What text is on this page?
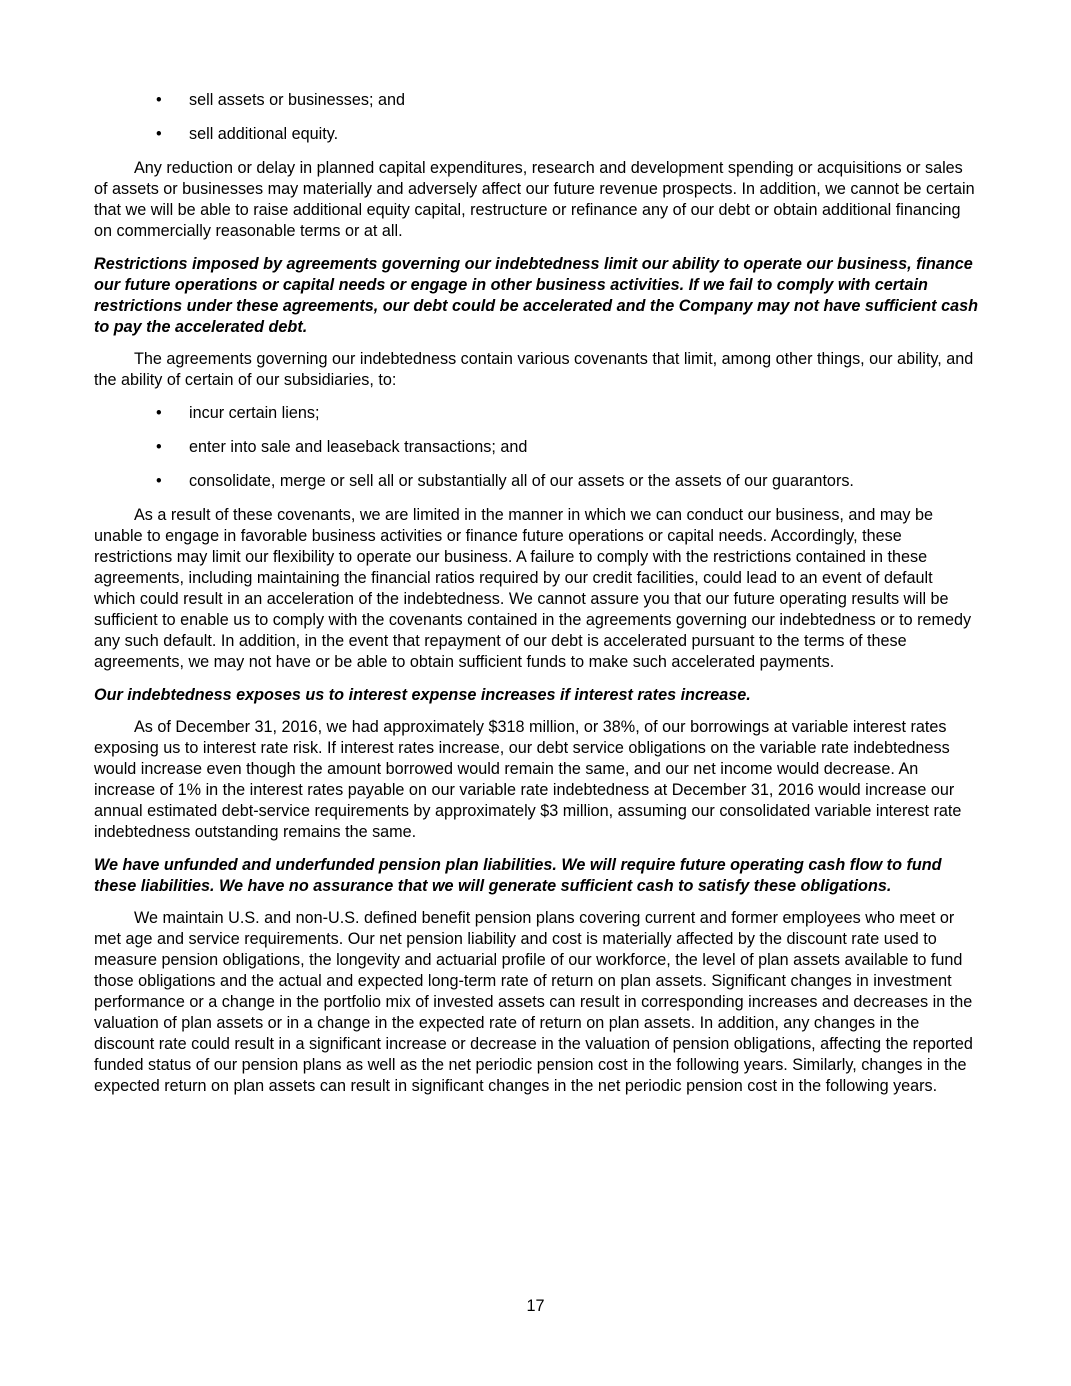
• sell assets or businesses; and
• sell additional equity.

Any reduction or delay in planned capital expenditures, research and development spending or acquisitions or sales of assets or businesses may materially and adversely affect our future revenue prospects. In addition, we cannot be certain that we will be able to raise additional equity capital, restructure or refinance any of our debt or obtain additional financing on commercially reasonable terms or at all.

Restrictions imposed by agreements governing our indebtedness limit our ability to operate our business, finance our future operations or capital needs or engage in other business activities. If we fail to comply with certain restrictions under these agreements, our debt could be accelerated and the Company may not have sufficient cash to pay the accelerated debt.

The agreements governing our indebtedness contain various covenants that limit, among other things, our ability, and the ability of certain of our subsidiaries, to:

• incur certain liens;
• enter into sale and leaseback transactions; and
• consolidate, merge or sell all or substantially all of our assets or the assets of our guarantors.

As a result of these covenants, we are limited in the manner in which we can conduct our business, and may be unable to engage in favorable business activities or finance future operations or capital needs. Accordingly, these restrictions may limit our flexibility to operate our business. A failure to comply with the restrictions contained in these agreements, including maintaining the financial ratios required by our credit facilities, could lead to an event of default which could result in an acceleration of the indebtedness. We cannot assure you that our future operating results will be sufficient to enable us to comply with the covenants contained in the agreements governing our indebtedness or to remedy any such default. In addition, in the event that repayment of our debt is accelerated pursuant to the terms of these agreements, we may not have or be able to obtain sufficient funds to make such accelerated payments.

Our indebtedness exposes us to interest expense increases if interest rates increase.

As of December 31, 2016, we had approximately $318 million, or 38%, of our borrowings at variable interest rates exposing us to interest rate risk. If interest rates increase, our debt service obligations on the variable rate indebtedness would increase even though the amount borrowed would remain the same, and our net income would decrease. An increase of 1% in the interest rates payable on our variable rate indebtedness at December 31, 2016 would increase our annual estimated debt-service requirements by approximately $3 million, assuming our consolidated variable interest rate indebtedness outstanding remains the same.

We have unfunded and underfunded pension plan liabilities. We will require future operating cash flow to fund these liabilities. We have no assurance that we will generate sufficient cash to satisfy these obligations.

We maintain U.S. and non-U.S. defined benefit pension plans covering current and former employees who meet or met age and service requirements. Our net pension liability and cost is materially affected by the discount rate used to measure pension obligations, the longevity and actuarial profile of our workforce, the level of plan assets available to fund those obligations and the actual and expected long-term rate of return on plan assets. Significant changes in investment performance or a change in the portfolio mix of invested assets can result in corresponding increases and decreases in the valuation of plan assets or in a change in the expected rate of return on plan assets. In addition, any changes in the discount rate could result in a significant increase or decrease in the valuation of pension obligations, affecting the reported funded status of our pension plans as well as the net periodic pension cost in the following years. Similarly, changes in the expected return on plan assets can result in significant changes in the net periodic pension cost in the following years.

17
